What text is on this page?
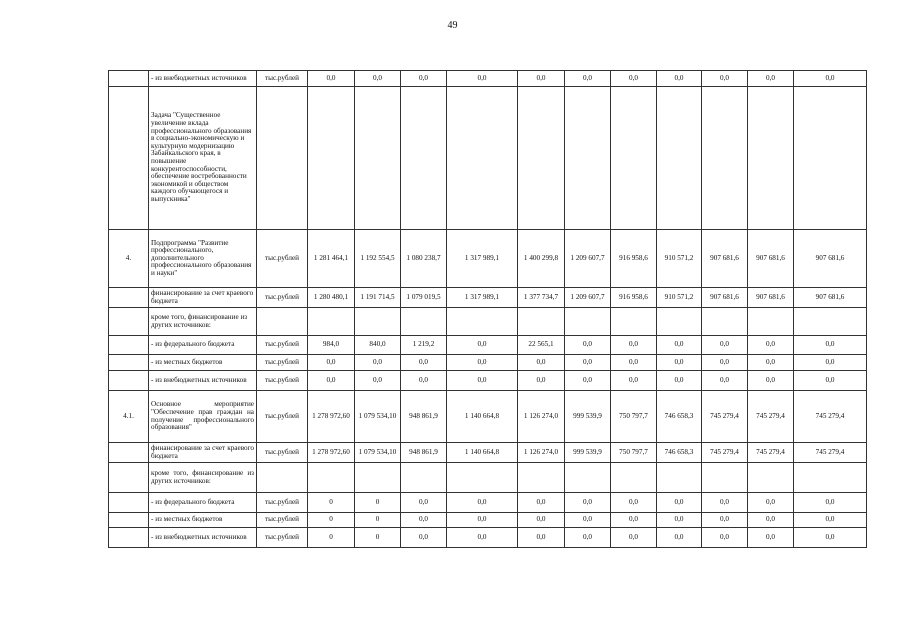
49
	- из внебюджетных источников	тыс.рублей	0,0	0,0	0,0	0,0	0,0	0,0	0,0	0,0	0,0	0,0	0,0	
	Задача "Существенное увеличение вклада профессионального образования в социально-экономическую и культурную модернизацию Забайкальского края, в повышение конкурентоспособности, обеспечение востребованности экономикой и обществом каждого обучающегося и выпускника"													
4.	Подпрограмма "Развитие профессионального, дополнительного профессионального образования и науки"	тыс.рублей	1 281 464,1	1 192 554,5	1 080 238,7	1 317 989,1	1 400 299,8	1 209 607,7	916 958,6	910 571,2	907 681,6	907 681,6	907 681,6	
	финансирование за счет краевого бюджета	тыс.рублей	1 280 480,1	1 191 714,5	1 079 019,5	1 317 989,1	1 377 734,7	1 209 607,7	916 958,6	910 571,2	907 681,6	907 681,6	907 681,6	
	кроме того, финансирование из других источников:													
	- из федерального бюджета	тыс.рублей	984,0	840,0	1 219,2	0,0	22 565,1	0,0	0,0	0,0	0,0	0,0	0,0	
	- из местных бюджетов	тыс.рублей	0,0	0,0	0,0	0,0	0,0	0,0	0,0	0,0	0,0	0,0	0,0	
	- из внебюджетных источников	тыс.рублей	0,0	0,0	0,0	0,0	0,0	0,0	0,0	0,0	0,0	0,0	0,0	
4.1.	Основное мероприятие "Обеспечение прав граждан на получение профессионального образования"	тыс.рублей	1 278 972,60	1 079 534,10	948 861,9	1 140 664,8	1 126 274,0	999 539,9	750 797,7	746 658,3	745 279,4	745 279,4	745 279,4	
	финансирование за счет краевого бюджета	тыс.рублей	1 278 972,60	1 079 534,10	948 861,9	1 140 664,8	1 126 274,0	999 539,9	750 797,7	746 658,3	745 279,4	745 279,4	745 279,4	
	кроме того, финансирование из других источников:													
	- из федерального бюджета	тыс.рублей	0	0	0,0	0,0	0,0	0,0	0,0	0,0	0,0	0,0	0,0	
	- из местных бюджетов	тыс.рублей	0	0	0,0	0,0	0,0	0,0	0,0	0,0	0,0	0,0	0,0	
	- из внебюджетных источников	тыс.рублей	0	0	0,0	0,0	0,0	0,0	0,0	0,0	0,0	0,0	0,0	
